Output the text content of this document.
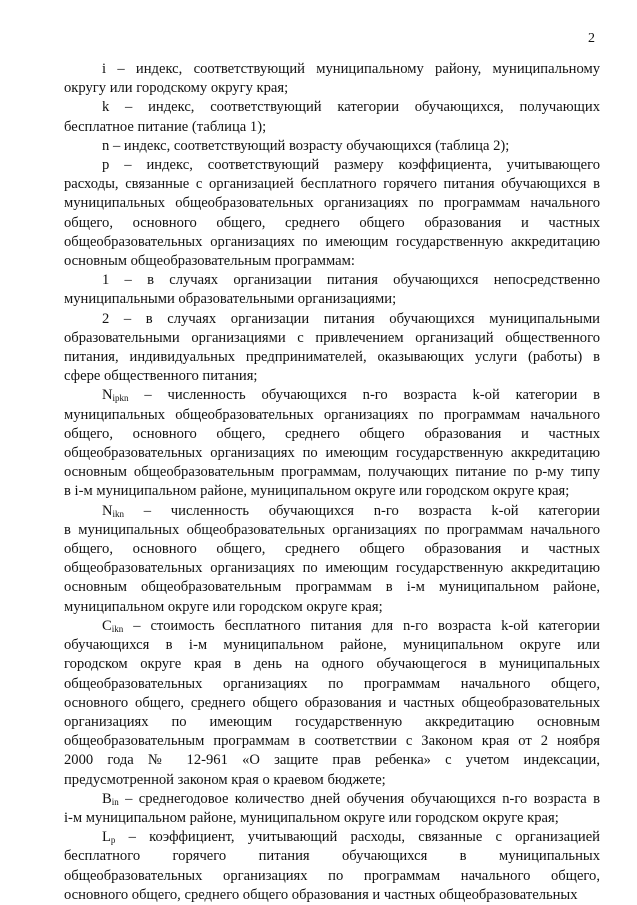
2
i – индекс, соответствующий муниципальному району, муниципальному
округу или городскому округу края;
k – индекс, соответствующий категории обучающихся, получающих
бесплатное питание (таблица 1);
n – индекс, соответствующий возрасту обучающихся (таблица 2);
p – индекс, соответствующий размеру коэффициента, учитывающего
расходы, связанные с организацией бесплатного горячего питания обучающихся в
муниципальных общеобразовательных организациях по программам начального
общего, основного общего, среднего общего образования и частных
общеобразовательных организациях по имеющим государственную аккредитацию
основным общеобразовательным программам:
1 – в случаях организации питания обучающихся непосредственно
муниципальными образовательными организациями;
2 – в случаях организации питания обучающихся муниципальными
образовательными организациями с привлечением организаций общественного
питания, индивидуальных предпринимателей, оказывающих услуги (работы) в
сфере общественного питания;
$N_{ipkn}$ – численность обучающихся n-го возраста k-ой категории в
муниципальных общеобразовательных организациях по программам начального
общего, основного общего, среднего общего образования и частных
общеобразовательных организациях по имеющим государственную аккредитацию
основным общеобразовательным программам, получающих питание по p-му типу
в i-м муниципальном районе, муниципальном округе или городском округе края;
$N_{ikn}$ – численность обучающихся n-го возраста k-ой категории
в муниципальных общеобразовательных организациях по программам начального
общего, основного общего, среднего общего образования и частных
общеобразовательных организациях по имеющим государственную аккредитацию
основным общеобразовательным программам в i-м муниципальном районе,
муниципальном округе или городском округе края;
$C_{ikn}$ – стоимость бесплатного питания для n-го возраста k-ой категории
обучающихся в i-м муниципальном районе, муниципальном округе или
городском округе края в день на одного обучающегося в муниципальных
общеобразовательных организациях по программам начального общего,
основного общего, среднего общего образования и частных общеобразовательных
организациях по имеющим государственную аккредитацию основным
общеобразовательным программам в соответствии с Законом края от 2 ноября
2000 года № 12-961 «О защите прав ребенка» с учетом индексации,
предусмотренной законом края о краевом бюджете;
$B_{in}$ – среднегодовое количество дней обучения обучающихся n-го возраста в
i-м муниципальном районе, муниципальном округе или городском округе края;
$L_p$ – коэффициент, учитывающий расходы, связанные с организацией
бесплатного горячего питания обучающихся в муниципальных
общеобразовательных организациях по программам начального общего,
основного общего, среднего общего образования и частных общеобразовательных
